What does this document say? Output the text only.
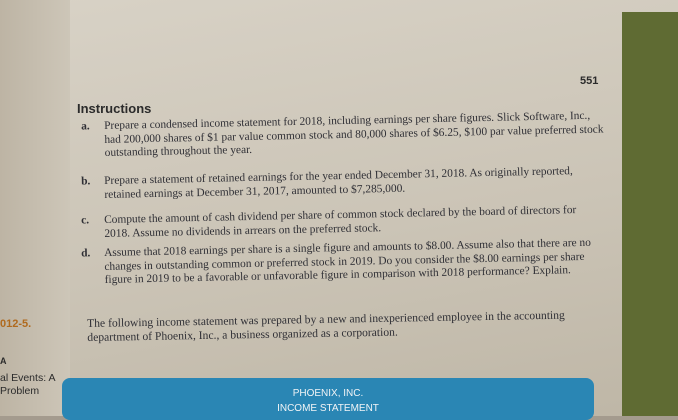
551
Instructions
a. Prepare a condensed income statement for 2018, including earnings per share figures. Slick Software, Inc., had 200,000 shares of $1 par value common stock and 80,000 shares of $6.25, $100 par value preferred stock outstanding throughout the year.
b. Prepare a statement of retained earnings for the year ended December 31, 2018. As originally reported, retained earnings at December 31, 2017, amounted to $7,285,000.
c. Compute the amount of cash dividend per share of common stock declared by the board of directors for 2018. Assume no dividends in arrears on the preferred stock.
d. Assume that 2018 earnings per share is a single figure and amounts to $8.00. Assume also that there are no changes in outstanding common or preferred stock in 2019. Do you consider the $8.00 earnings per share figure in 2019 to be a favorable or unfavorable figure in comparison with 2018 performance? Explain.
012-5.	The following income statement was prepared by a new and inexperienced employee in the accounting department of Phoenix, Inc., a business organized as a corporation.
A
al Events: A
Problem	PHOENIX, INC.
INCOME STATEMENT
